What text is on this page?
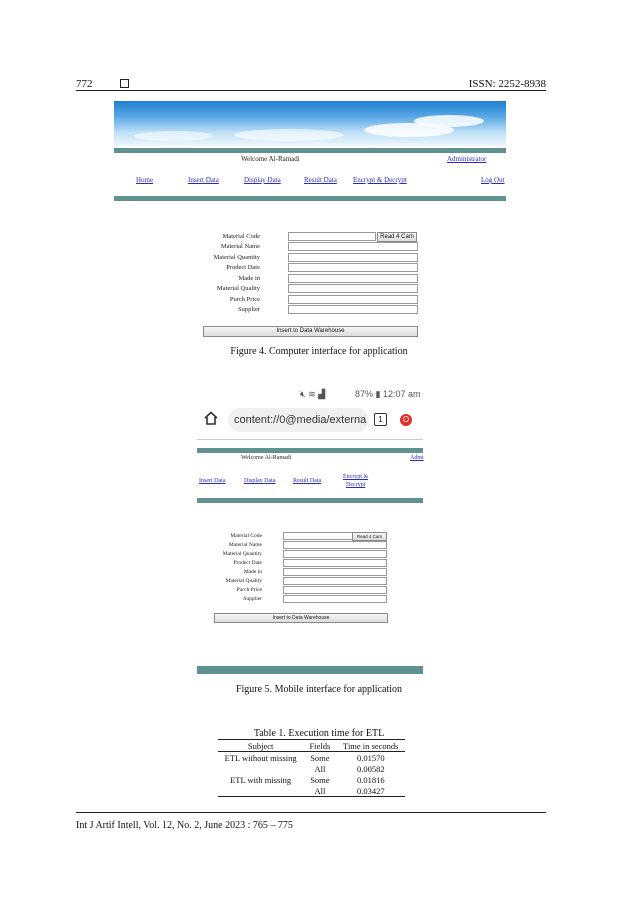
772	ISSN: 2252-8938
Welcome Al-Ramadi	Administrator
Home	Insert Data	Display Data	Result Data Encrypt & Decrypt	Log Out
Material Code	Read 4 Cam
Material Name
Material Quantity
Prodect Date
Made in
Material Quality
Purch Price
Supplier
Insert to Data Warehouse
Figure 4. Computer interface for application
🔇︎ ≋ ▟	87% ▮ 12:07 am
content://0@media/externa	1	O
Welcome Al-Ramadi	Admi
Insert Data	Display Data	Result Data
Encrypt &
Decrypt
Material Code	Read 4 Cam
Material Name
Material Quantity
Prodect Date
Made in
Material Quality
Purch Price
Supplier
Insert to Data Warehouse
Figure 5. Mobile interface for application
Table 1. Execution time for ETL
Subject	Fields	Time in seconds
ETL without missing	Some	0.01570
	All	0.00582
ETL with missing	Some	0.01816
	All	0.03427
Int J Artif Intell, Vol. 12, No. 2, June 2023 : 765 – 775
